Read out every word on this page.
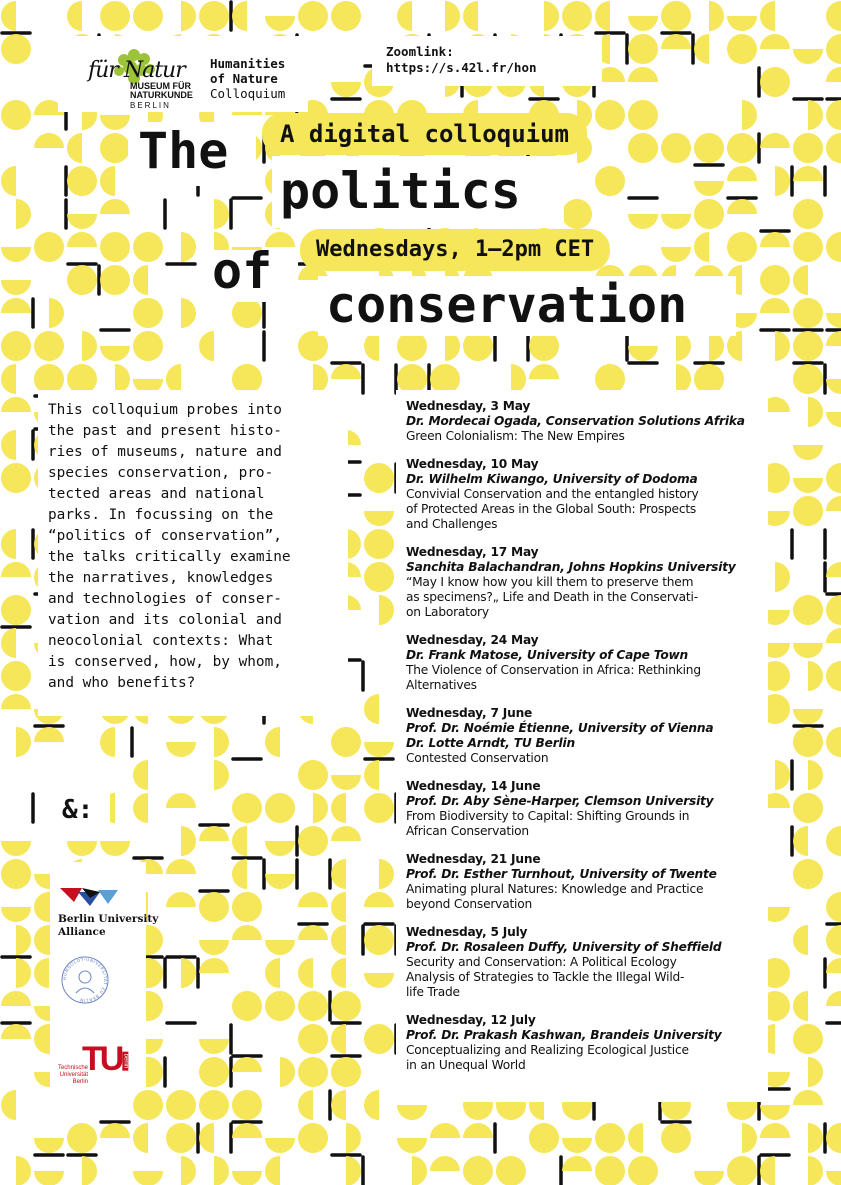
für Natur
MUSEUM FÜR
NATURKUNDE
BERLIN
Humanities
of Nature
Colloquium
Zoomlink:
https://s.42l.fr/hon
The
politics
of
conservation
A digital colloquium
Wednesdays, 1–2pm CET
This colloquium probes into
the past and present histo-
ries of museums, nature and
species conservation, pro-
tected areas and national
parks. In focussing on the
“politics of conservation”,
the talks critically examine
the narratives, knowledges
and technologies of conser-
vation and its colonial and
neocolonial contexts: What
is conserved, how, by whom,
and who benefits?
Wednesday, 3 May
Dr. Mordecai Ogada, Conservation Solutions Afrika
Green Colonialism: The New Empires
Wednesday, 10 May
Dr. Wilhelm Kiwango, University of Dodoma
Convivial Conservation and the entangled history
of Protected Areas in the Global South: Prospects
and Challenges
Wednesday, 17 May
Sanchita Balachandran, Johns Hopkins University
“May I know how you kill them to preserve them
as specimens?„ Life and Death in the Conservati-
on Laboratory
Wednesday, 24 May
Dr. Frank Matose, University of Cape Town
The Violence of Conservation in Africa: Rethinking
Alternatives
Wednesday, 7 June
Prof. Dr. Noémie Étienne, University of Vienna
Dr. Lotte Arndt, TU Berlin
Contested Conservation
Wednesday, 14 June
Prof. Dr. Aby Sène-Harper, Clemson University
From Biodiversity to Capital: Shifting Grounds in
African Conservation
Wednesday, 21 June
Prof. Dr. Esther Turnhout, University of Twente
Animating plural Natures: Knowledge and Practice
beyond Conservation
Wednesday, 5 July
Prof. Dr. Rosaleen Duffy, University of Sheffield
Security and Conservation: A Political Ecology
Analysis of Strategies to Tackle the Illegal Wild-
life Trade
Wednesday, 12 July
Prof. Dr. Prakash Kashwan, Brandeis University
Conceptualizing and Realizing Ecological Justice
in an Unequal World
&:
Berlin University
Alliance
HUMBOLDT-UNIVERSITÄT ZU BERLIN
TU berlin
Technische
Universität
Berlin
